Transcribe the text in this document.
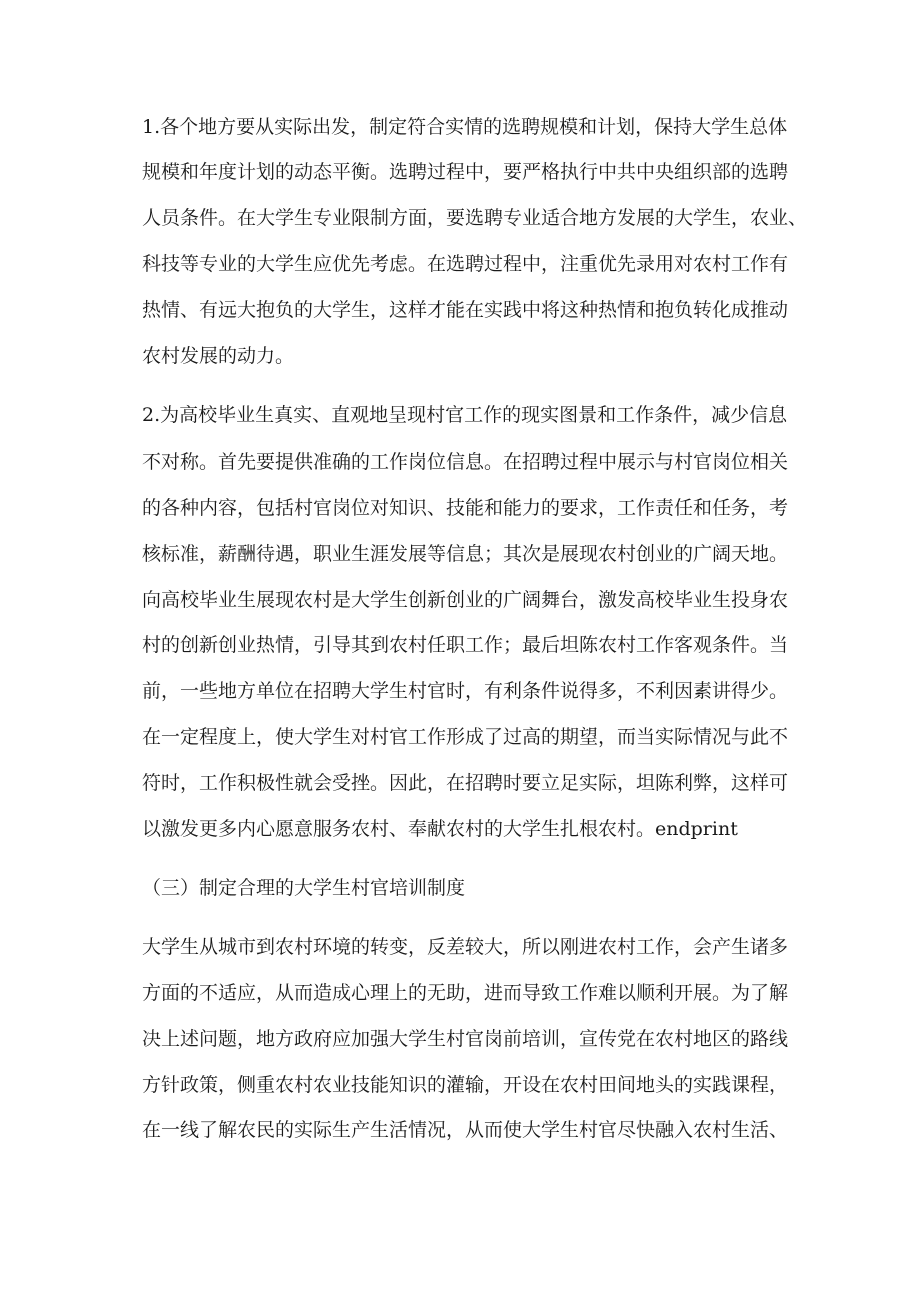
1.各个地方要从实际出发，制定符合实情的选聘规模和计划，保持大学生总体

规模和年度计划的动态平衡。选聘过程中，要严格执行中共中央组织部的选聘

人员条件。在大学生专业限制方面，要选聘专业适合地方发展的大学生，农业、

科技等专业的大学生应优先考虑。在选聘过程中，注重优先录用对农村工作有

热情、有远大抱负的大学生，这样才能在实践中将这种热情和抱负转化成推动

农村发展的动力。

2.为高校毕业生真实、直观地呈现村官工作的现实图景和工作条件，减少信息

不对称。首先要提供准确的工作岗位信息。在招聘过程中展示与村官岗位相关

的各种内容，包括村官岗位对知识、技能和能力的要求，工作责任和任务，考

核标准，薪酬待遇，职业生涯发展等信息；其次是展现农村创业的广阔天地。

向高校毕业生展现农村是大学生创新创业的广阔舞台，激发高校毕业生投身农

村的创新创业热情，引导其到农村任职工作；最后坦陈农村工作客观条件。当

前，一些地方单位在招聘大学生村官时，有利条件说得多，不利因素讲得少。

在一定程度上，使大学生对村官工作形成了过高的期望，而当实际情况与此不

符时，工作积极性就会受挫。因此，在招聘时要立足实际，坦陈利弊，这样可

以激发更多内心愿意服务农村、奉献农村的大学生扎根农村。endprint

（三）制定合理的大学生村官培训制度

大学生从城市到农村环境的转变，反差较大，所以刚进农村工作，会产生诸多

方面的不适应，从而造成心理上的无助，进而导致工作难以顺利开展。为了解

决上述问题，地方政府应加强大学生村官岗前培训，宣传党在农村地区的路线

方针政策，侧重农村农业技能知识的灌输，开设在农村田间地头的实践课程，

在一线了解农民的实际生产生活情况，从而使大学生村官尽快融入农村生活、
